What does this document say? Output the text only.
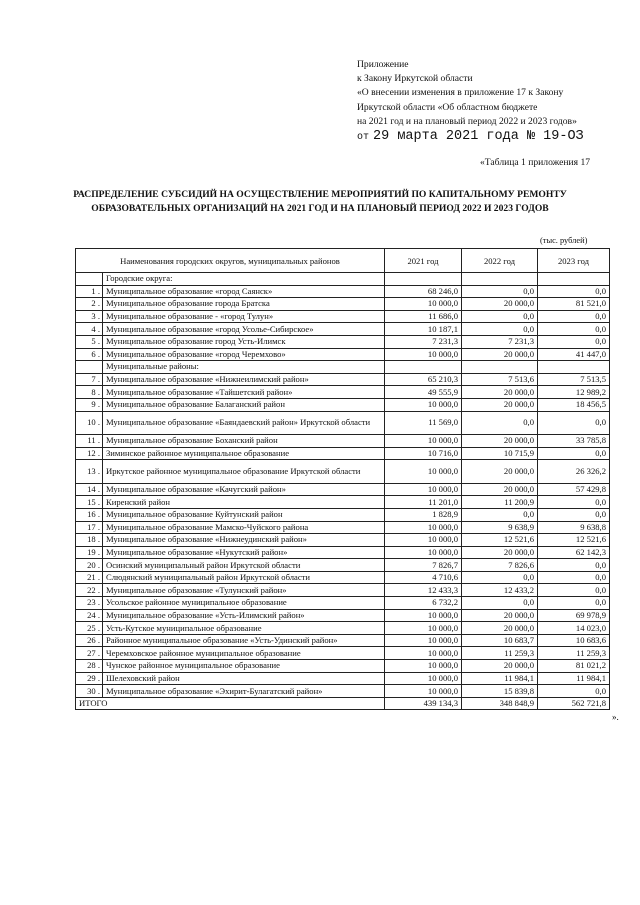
Приложение
к Закону Иркутской области
«О внесении изменения в приложение 17 к Закону
Иркутской области «Об областном бюджете
на 2021 год и на плановый период 2022 и 2023 годов»
от 29 марта 2021 года № 19-ОЗ
«Таблица 1 приложения 17
РАСПРЕДЕЛЕНИЕ СУБСИДИЙ НА ОСУЩЕСТВЛЕНИЕ МЕРОПРИЯТИЙ ПО КАПИТАЛЬНОМУ РЕМОНТУ
ОБРАЗОВАТЕЛЬНЫХ ОРГАНИЗАЦИЙ НА 2021 ГОД И НА ПЛАНОВЫЙ ПЕРИОД 2022 И 2023 ГОДОВ
(тыс. рублей)
Наименования городских округов, муниципальных районов		2021 год	2022 год	2023 год
	Городские округа:			
1 .	Муниципальное образование «город Саянск»	68 246,0	0,0	0,0
2 .	Муниципальное образование города Братска	10 000,0	20 000,0	81 521,0
3 .	Муниципальное образование - «город Тулун»	11 686,0	0,0	0,0
4 .	Муниципальное образование «город Усолье-Сибирское»	10 187,1	0,0	0,0
5 .	Муниципальное образование город Усть-Илимск	7 231,3	7 231,3	0,0
6 .	Муниципальное образование «город Черемхово»	10 000,0	20 000,0	41 447,0
	Муниципальные районы:			
7 .	Муниципальное образование «Нижнеилимский район»	65 210,3	7 513,6	7 513,5
8 .	Муниципальное образование «Тайшетский район»	49 555,9	20 000,0	12 989,2
9 .	Муниципальное образование Балаганский район	10 000,0	20 000,0	18 456,5
10 .	Муниципальное образование «Баяндаевский район» Иркутской области	11 569,0	0,0	0,0
11 .	Муниципальное образование Боханский район	10 000,0	20 000,0	33 785,8
12 .	Зиминское районное муниципальное образование	10 716,0	10 715,9	0,0
13 .	Иркутское районное муниципальное образование Иркутской области	10 000,0	20 000,0	26 326,2
14 .	Муниципальное образование «Качугский район»	10 000,0	20 000,0	57 429,8
15 .	Киренский район	11 201,0	11 200,9	0,0
16 .	Муниципальное образование Куйтунский район	1 828,9	0,0	0,0
17 .	Муниципальное образование Мамско-Чуйского района	10 000,0	9 638,9	9 638,8
18 .	Муниципальное образование «Нижнеудинский район»	10 000,0	12 521,6	12 521,6
19 .	Муниципальное образование «Нукутский район»	10 000,0	20 000,0	62 142,3
20 .	Осинский муниципальный район Иркутской области	7 826,7	7 826,6	0,0
21 .	Слюдянский муниципальный район Иркутской области	4 710,6	0,0	0,0
22 .	Муниципальное образование «Тулунский район»	12 433,3	12 433,2	0,0
23 .	Усольское районное муниципальное образование	6 732,2	0,0	0,0
24 .	Муниципальное образование «Усть-Илимский район»	10 000,0	20 000,0	69 978,9
25 .	Усть-Кутское муниципальное образование	10 000,0	20 000,0	14 023,0
26 .	Районное муниципальное образование «Усть-Удинский район»	10 000,0	10 683,7	10 683,6
27 .	Черемховское районное муниципальное образование	10 000,0	11 259,3	11 259,3
28 .	Чунское районное муниципальное образование	10 000,0	20 000,0	81 021,2
29 .	Шелеховский район	10 000,0	11 984,1	11 984,1
30 .	Муниципальное образование «Эхирит-Булагатский район»	10 000,0	15 839,8	0,0
ИТОГО		439 134,3	348 848,9	562 721,8
».
